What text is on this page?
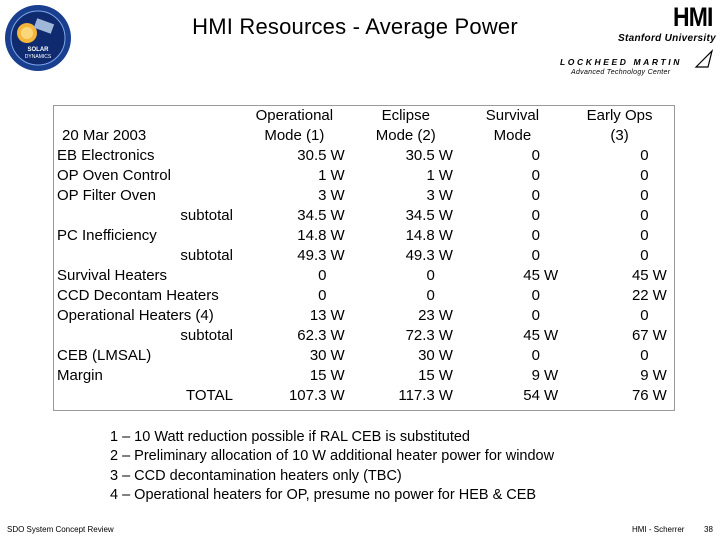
SOLAR
DYNAMICS
HMI Resources - Average Power	HMI
Stanford University
LOCKHEED MARTIN
Advanced Technology Center
	Operational		Eclipse		Survival		Early Ops	
20 Mar 2003	Mode (1)		Mode (2)		Mode		(3)	
EB Electronics	30.5	W	30.5	W	0		0	
OP Oven Control	1	W	1	W	0		0	
OP Filter Oven	3	W	3	W	0		0	
subtotal	34.5	W	34.5	W	0		0	
PC Inefficiency	14.8	W	14.8	W	0		0	
subtotal	49.3	W	49.3	W	0		0	
Survival Heaters	0		0		45	W	45	W
CCD Decontam Heaters	0		0		0		22	W
Operational Heaters (4)	13	W	23	W	0		0	
subtotal	62.3	W	72.3	W	45	W	67	W
CEB (LMSAL)	30	W	30	W	0		0	
Margin	15	W	15	W	9	W	9	W
TOTAL	107.3	W	117.3	W	54	W	76	W
1 – 10 Watt reduction possible if RAL CEB is substituted
2 – Preliminary allocation of 10 W additional heater power for window
3 – CCD decontamination heaters only (TBC)
4 – Operational heaters for OP, presume no power for HEB & CEB
SDO System Concept Review	HMI - Scherrer 38
